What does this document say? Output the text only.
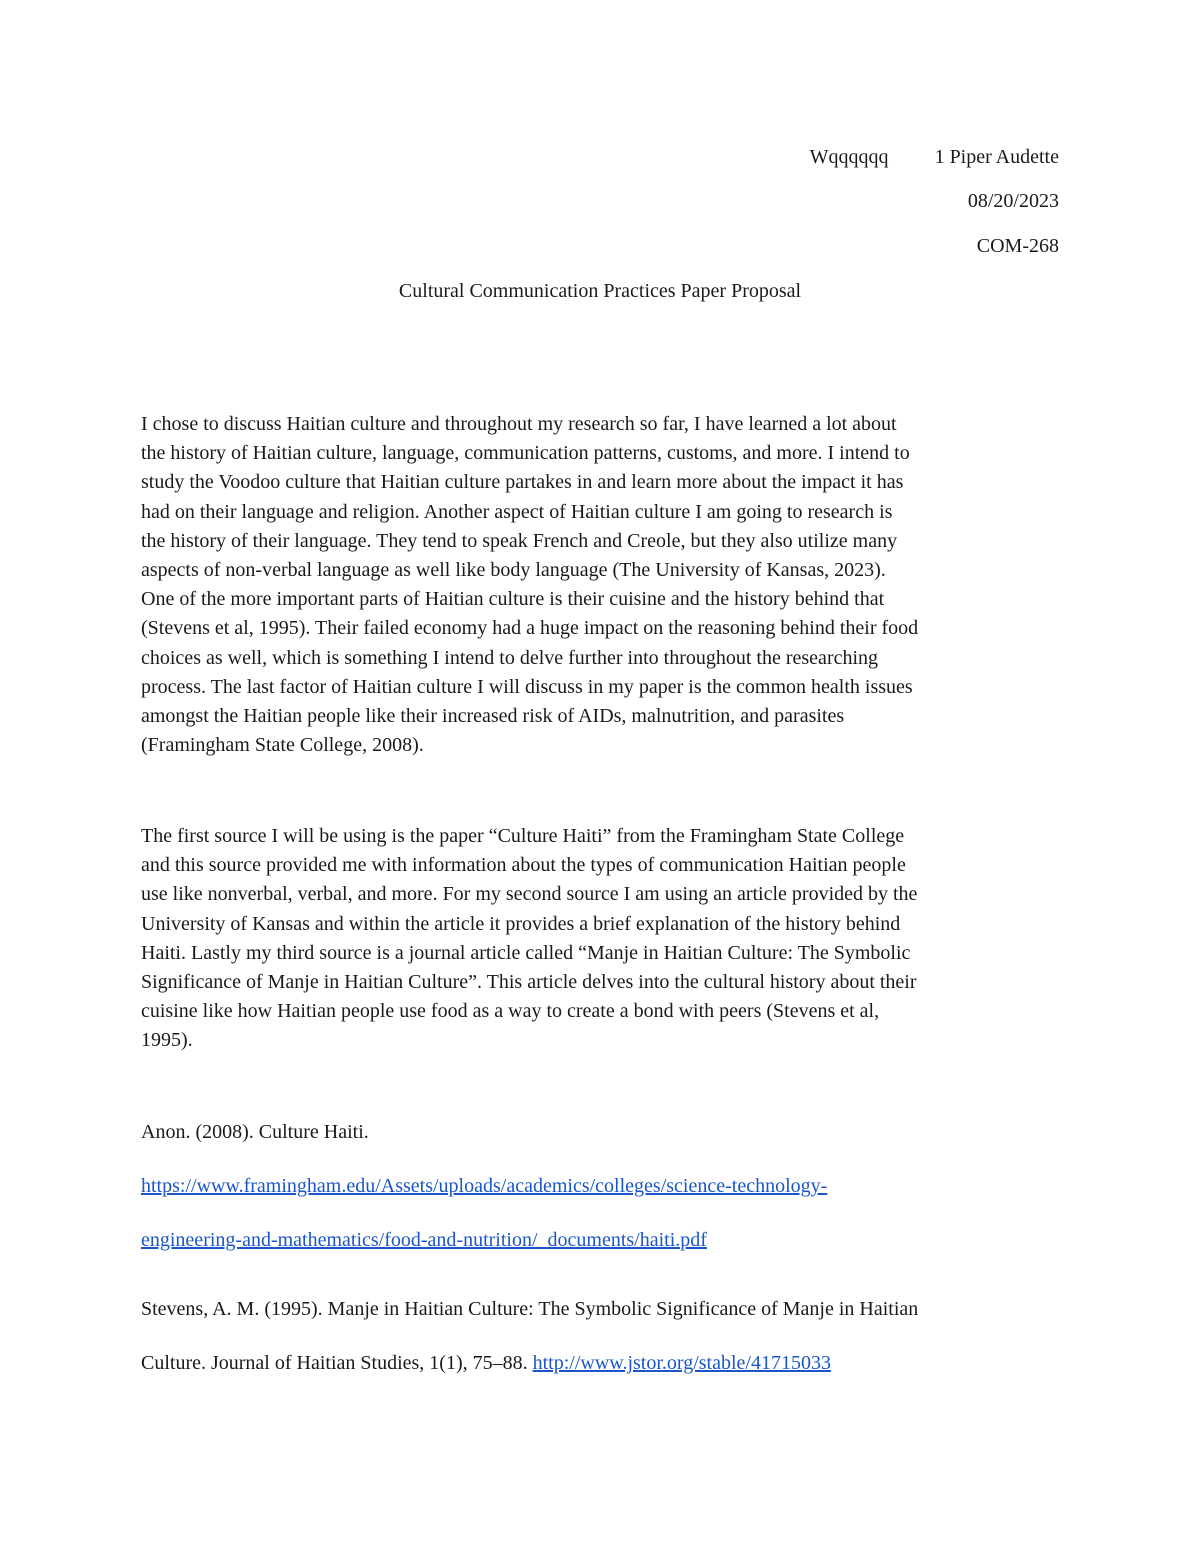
Wqqqqqq 1 Piper Audette
08/20/2023
COM-268
Cultural Communication Practices Paper Proposal
I chose to discuss Haitian culture and throughout my research so far, I have learned a lot about
the history of Haitian culture, language, communication patterns, customs, and more. I intend to
study the Voodoo culture that Haitian culture partakes in and learn more about the impact it has
had on their language and religion. Another aspect of Haitian culture I am going to research is
the history of their language. They tend to speak French and Creole, but they also utilize many
aspects of non-verbal language as well like body language (The University of Kansas, 2023).
One of the more important parts of Haitian culture is their cuisine and the history behind that
(Stevens et al, 1995). Their failed economy had a huge impact on the reasoning behind their food
choices as well, which is something I intend to delve further into throughout the researching
process. The last factor of Haitian culture I will discuss in my paper is the common health issues
amongst the Haitian people like their increased risk of AIDs, malnutrition, and parasites
(Framingham State College, 2008).
The first source I will be using is the paper “Culture Haiti” from the Framingham State College
and this source provided me with information about the types of communication Haitian people
use like nonverbal, verbal, and more. For my second source I am using an article provided by the
University of Kansas and within the article it provides a brief explanation of the history behind
Haiti. Lastly my third source is a journal article called “Manje in Haitian Culture: The Symbolic
Significance of Manje in Haitian Culture”. This article delves into the cultural history about their
cuisine like how Haitian people use food as a way to create a bond with peers (Stevens et al,
1995).
Anon. (2008). Culture Haiti.
https://www.framingham.edu/Assets/uploads/academics/colleges/science-technology-
engineering-and-mathematics/food-and-nutrition/_documents/haiti.pdf
Stevens, A. M. (1995). Manje in Haitian Culture: The Symbolic Significance of Manje in Haitian
Culture. Journal of Haitian Studies, 1(1), 75–88. http://www.jstor.org/stable/41715033
